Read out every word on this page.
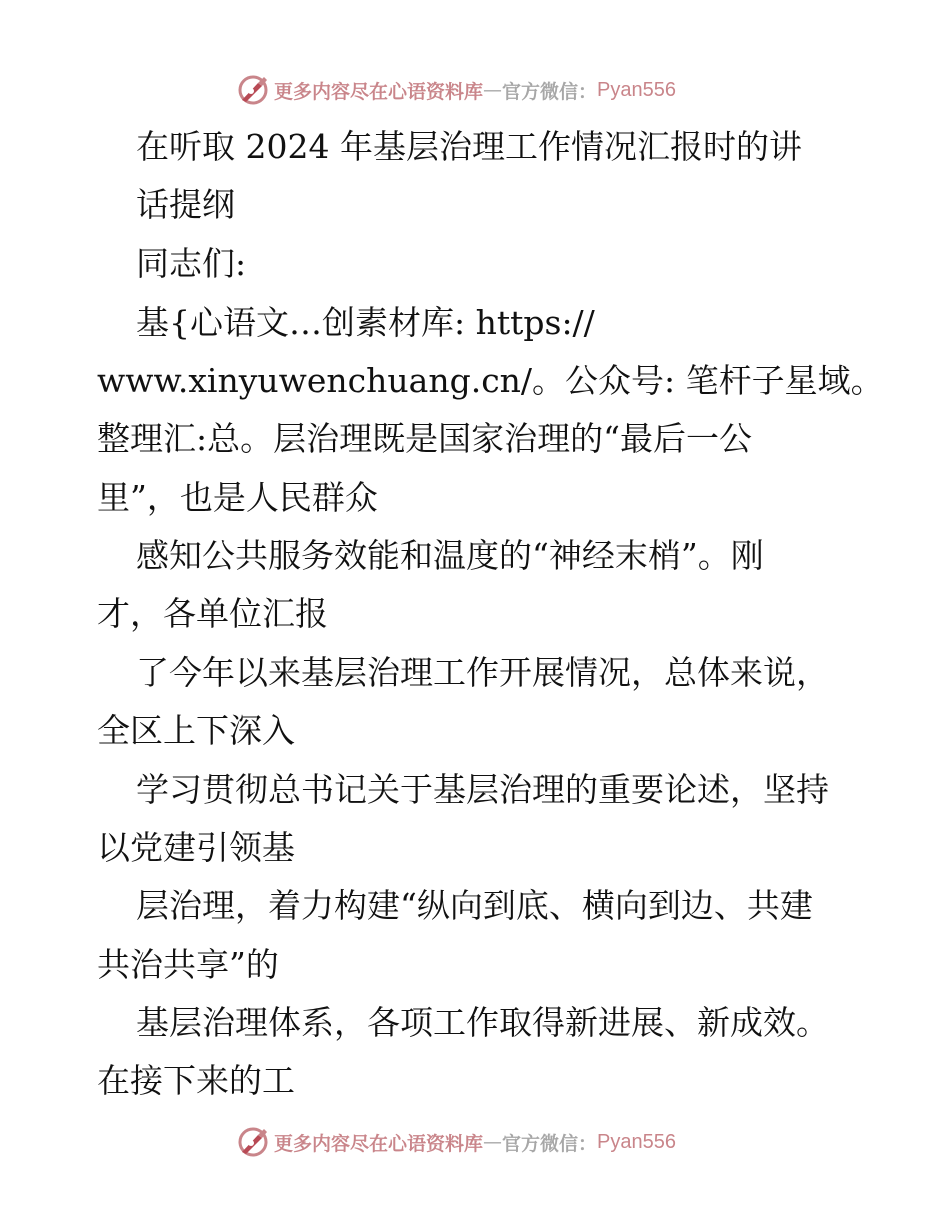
更多内容尽在心语资料库 — 官方微信： Pyan556
在听取 2024 年基层治理工作情况汇报时的讲
话提纲
同志们:
基{心语文…创素材库: https://
www.xinyuwenchuang.cn/。公众号: 笔杆子星域。
整理汇:总。层治理既是国家治理的“最后一公
里”，也是人民群众
感知公共服务效能和温度的“神经末梢”。刚
才，各单位汇报
了今年以来基层治理工作开展情况，总体来说，
全区上下深入
学习贯彻总书记关于基层治理的重要论述，坚持
以党建引领基
层治理，着力构建“纵向到底、横向到边、共建
共治共享”的
基层治理体系，各项工作取得新进展、新成效。
在接下来的工
更多内容尽在心语资料库 — 官方微信： Pyan556
